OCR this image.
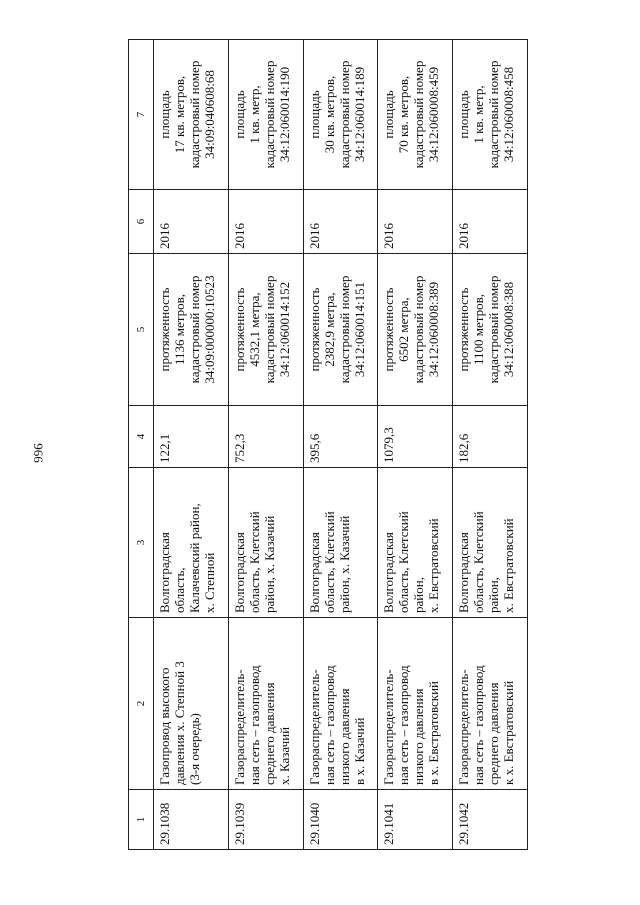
966
1	2	3	4	5	6	7
29.1038	Газопровод высокого
давления х. Степной 3
(3-я очередь)	Волгоградская
область,
Калачевский район,
х. Степной	122,1	протяженность
1136 метров,
кадастровый номер
34:09:000000:10523	2016	площадь
17 кв. метров,
кадастровый номер
34:09:040608:68
29.1039	Газораспределитель-
ная сеть – газопровод
среднего давления
х. Казачий	Волгоградская
область, Клетский
район, х. Казачий	752,3	протяженность
4532,1 метра,
кадастровый номер
34:12:060014:152	2016	площадь
1 кв. метр,
кадастровый номер
34:12:060014:190
29.1040	Газораспределитель-
ная сеть – газопровод
низкого давления
в х. Казачий	Волгоградская
область, Клетский
район, х. Казачий	395,6	протяженность
2382,9 метра,
кадастровый номер
34:12:060014:151	2016	площадь
30 кв. метров,
кадастровый номер
34:12:060014:189
29.1041	Газораспределитель-
ная сеть – газопровод
низкого давления
в х. Евстратовский	Волгоградская
область, Клетский
район,
х. Евстратовский	1079,3	протяженность
6502 метра,
кадастровый номер
34:12:060008:389	2016	площадь
70 кв. метров,
кадастровый номер
34:12:060008:459
29.1042	Газораспределитель-
ная сеть – газопровод
среднего давления
к х. Евстратовский	Волгоградская
область, Клетский
район,
х. Евстратовский	182,6	протяженность
1100 метров,
кадастровый номер
34:12:060008:388	2016	площадь
1 кв. метр,
кадастровый номер
34:12:060008:458
